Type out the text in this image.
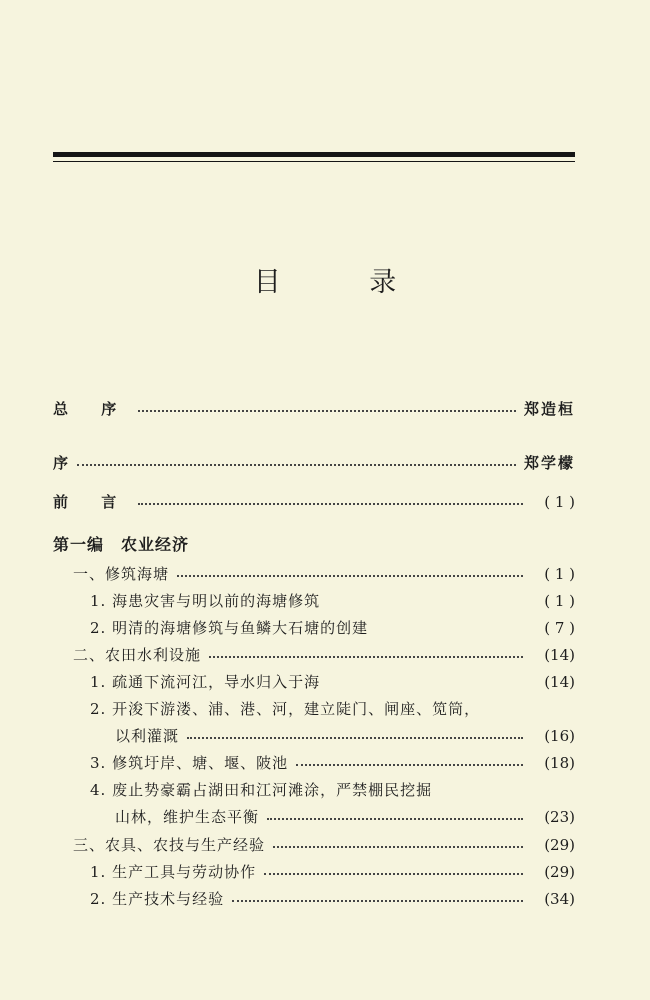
目 录
总 序	郑造桓
序	郑学檬
前 言	( 1 )
第一编　农业经济
一、修筑海塘	( 1 )
1. 海患灾害与明以前的海塘修筑	( 1 )
2. 明清的海塘修筑与鱼鳞大石塘的创建	( 7 )
二、农田水利设施	(14)
1. 疏通下流河江，导水归入于海	(14)
2. 开浚下游溇、浦、港、河，建立陡门、闸座、笕筒，
以利灌溉	(16)
3. 修筑圩岸、塘、堰、陂池	(18)
4. 废止势豪霸占湖田和江河滩涂，严禁棚民挖掘
山林，维护生态平衡	(23)
三、农具、农技与生产经验	(29)
1. 生产工具与劳动协作	(29)
2. 生产技术与经验	(34)
